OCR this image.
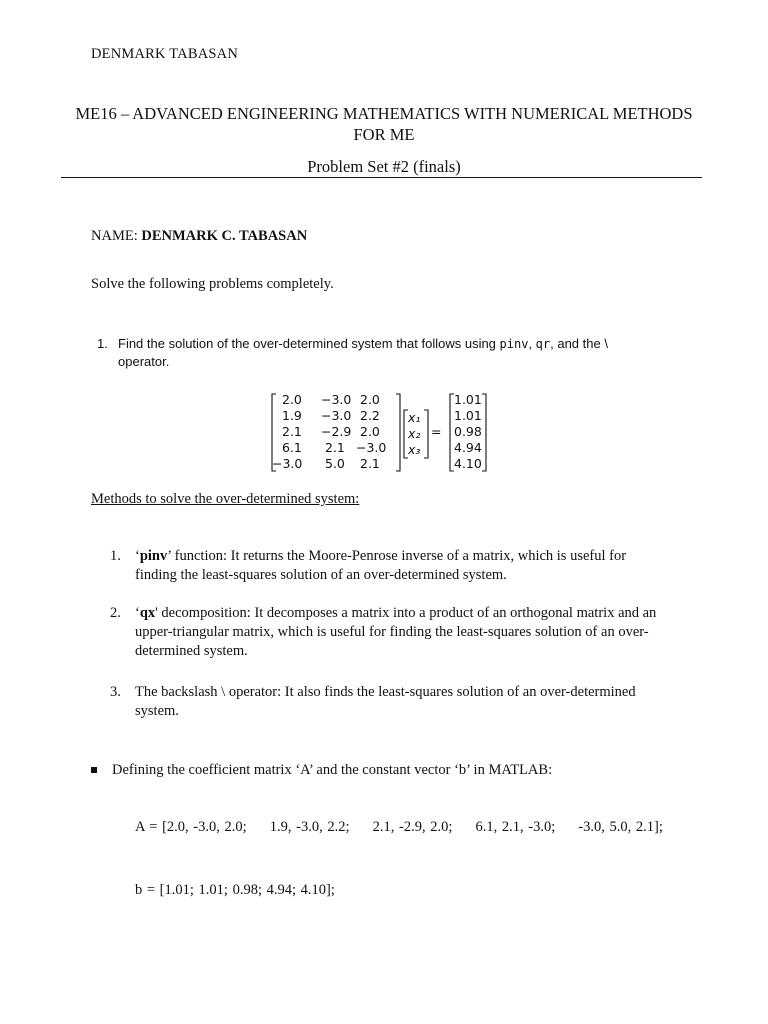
DENMARK TABASAN
ME16 – ADVANCED ENGINEERING MATHEMATICS WITH NUMERICAL METHODS
FOR ME
Problem Set #2 (finals)
NAME: DENMARK C. TABASAN
Solve the following problems completely.
1. Find the solution of the over-determined system that follows using pinv, qr, and the \
operator.
2.0 −3.0 2.0
1.9 −3.0 2.2
2.1 −2.9 2.0
6.1 2.1 −3.0
−3.0 5.0 2.1
x₁
x₂
x₃
=
1.01
1.01
0.98
4.94
4.10
Methods to solve the over-determined system:
1. ‘pinv’ function: It returns the Moore-Penrose inverse of a matrix, which is useful for
finding the least-squares solution of an over-determined system.
2. ‘qx' decomposition: It decomposes a matrix into a product of an orthogonal matrix and an
upper-triangular matrix, which is useful for finding the least-squares solution of an over-
determined system.
3. The backslash \ operator: It also finds the least-squares solution of an over-determined
system.
Defining the coefficient matrix ‘A’ and the constant vector ‘b’ in MATLAB:
A = [2.0, -3.0, 2.0;     1.9, -3.0, 2.2;     2.1, -2.9, 2.0;     6.1, 2.1, -3.0;     -3.0, 5.0, 2.1];
b = [1.01; 1.01; 0.98; 4.94; 4.10];
